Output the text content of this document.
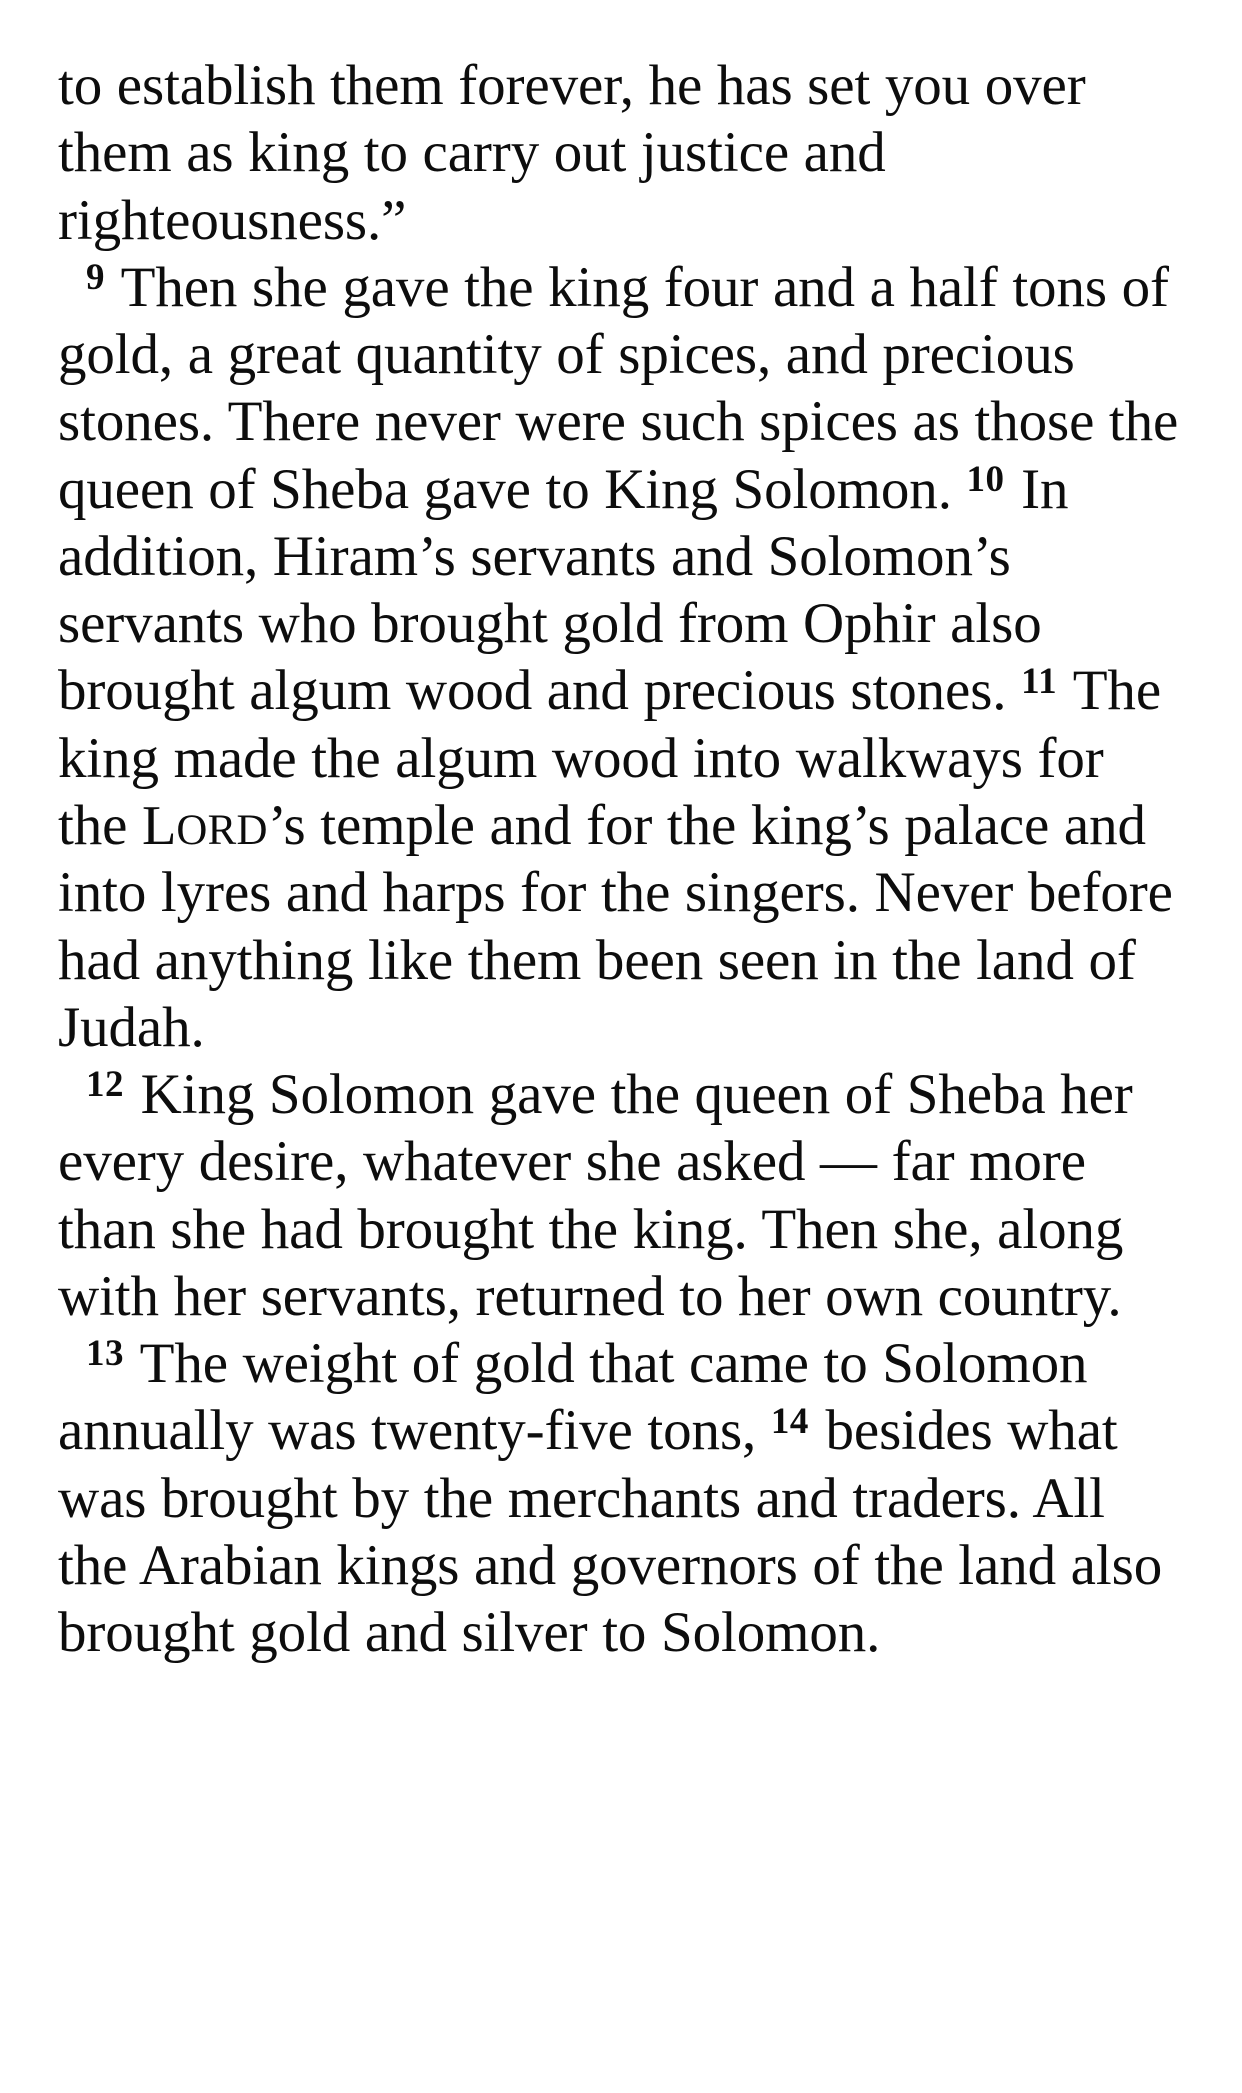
to establish them forever, he has set you over them as king to carry out justice and righteousness.”

$^9$ Then she gave the king four and a half tons of gold, a great quantity of spices, and precious stones. There never were such spices as those the queen of Sheba gave to King Solomon. $^{10}$ In addition, Hiram’s servants and Solomon’s servants who brought gold from Ophir also brought algum wood and precious stones. $^{11}$ The king made the algum wood into walkways for the LORD’s temple and for the king’s palace and into lyres and harps for the singers. Never before had anything like them been seen in the land of Judah.

$^{12}$ King Solomon gave the queen of Sheba her every desire, whatever she asked — far more than she had brought the king. Then she, along with her servants, returned to her own country.

$^{13}$ The weight of gold that came to Solomon annually was twenty-five tons, $^{14}$ besides what was brought by the merchants and traders. All the Arabian kings and governors of the land also brought gold and silver to Solomon.
